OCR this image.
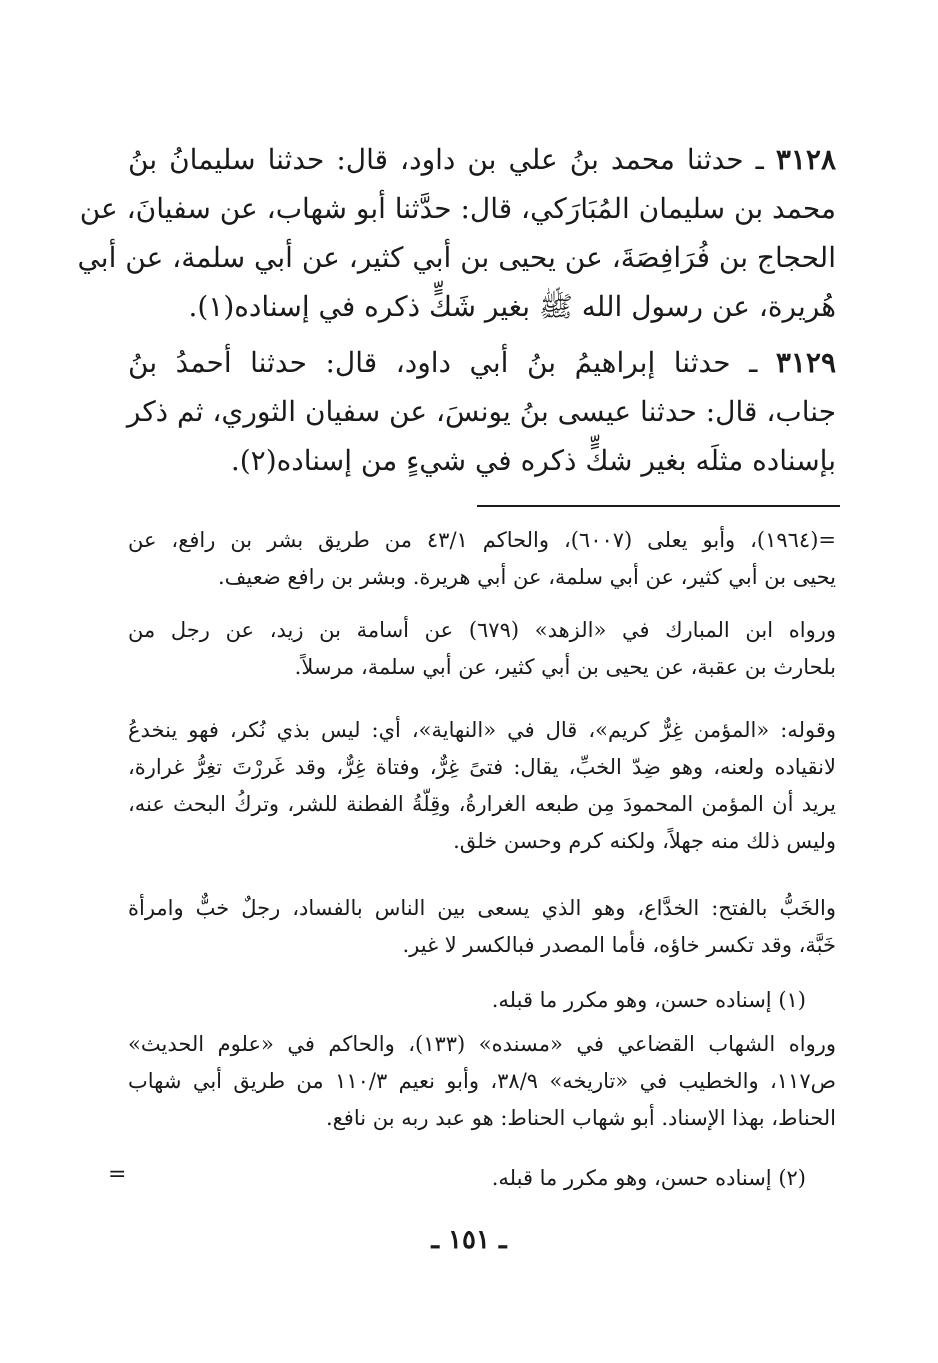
٣١٢٨ ـ حدثنا محمد بنُ علي بن داود، قال: حدثنا سليمانُ بنُ
محمد بن سليمان المُبَارَكي، قال: حدَّثنا أبو شهاب، عن سفيانَ، عن
الحجاج بن فُرَافِصَةَ، عن يحيى بن أبي كثير، عن أبي سلمة، عن أبي
هُريرة، عن رسول الله ﷺ بغير شَكٍّ ذكره في إسناده(١).
٣١٢٩ ـ حدثنا إبراهيمُ بنُ أبي داود، قال: حدثنا أحمدُ بنُ
جناب، قال: حدثنا عيسى بنُ يونسَ، عن سفيان الثوري، ثم ذكر
بإسناده مثلَه بغير شكٍّ ذكره في شيءٍ من إسناده(٢).
=(١٩٦٤)، وأبو يعلى (٦٠٠٧)، والحاكم ٤٣/١ من طريق بشر بن رافع، عن
يحيى بن أبي كثير، عن أبي سلمة، عن أبي هريرة. وبشر بن رافع ضعيف.
ورواه ابن المبارك في «الزهد» (٦٧٩) عن أسامة بن زيد، عن رجل من
بلحارث بن عقبة، عن يحيى بن أبي كثير، عن أبي سلمة، مرسلاً.
وقوله: «المؤمن غِرٌّ كريم»، قال في «النهاية»، أي: ليس بذي نُكر، فهو ينخدعُ
لانقياده ولعنه، وهو ضِدّ الخبِّ، يقال: فتىً غِرٌّ، وفتاة غِرٌّ، وقد غَررْتَ تغِرُّ غرارة،
يريد أن المؤمن المحمودَ مِن طبعه الغرارةُ، وقِلّةُ الفطنة للشر، وتركُ البحث عنه،
وليس ذلك منه جهلاً، ولكنه كرم وحسن خلق.
والخَبُّ بالفتح: الخدَّاع، وهو الذي يسعى بين الناس بالفساد، رجلٌ خبٌّ وامرأة
خَبَّة، وقد تكسر خاؤه، فأما المصدر فبالكسر لا غير.
(١) إسناده حسن، وهو مكرر ما قبله.
ورواه الشهاب القضاعي في «مسنده» (١٣٣)، والحاكم في «علوم الحديث»
ص١١٧، والخطيب في «تاريخه» ٣٨/٩، وأبو نعيم ١١٠/٣ من طريق أبي شهاب
الحناط، بهذا الإسناد. أبو شهاب الحناط: هو عبد ربه بن نافع.
(٢) إسناده حسن، وهو مكرر ما قبله.
=
ـ ١٥١ ـ
